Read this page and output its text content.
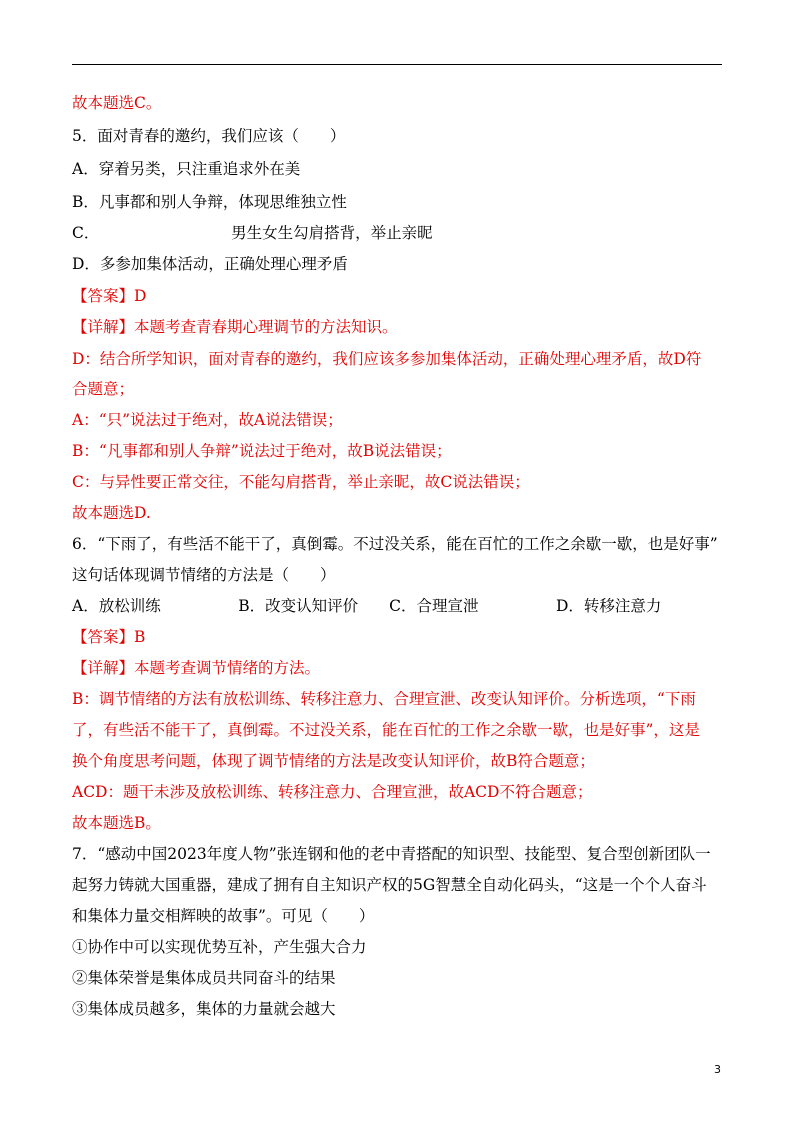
故本题选C。
5．面对青春的邀约，我们应该（　　）
A．穿着另类，只注重追求外在美
B．凡事都和别人争辩，体现思维独立性
C．　　　　　　　　　男生女生勾肩搭背，举止亲昵
D．多参加集体活动，正确处理心理矛盾
【答案】D
【详解】本题考查青春期心理调节的方法知识。
D：结合所学知识，面对青春的邀约，我们应该多参加集体活动，正确处理心理矛盾，故D符
合题意；
A：“只”说法过于绝对，故A说法错误；
B：“凡事都和别人争辩”说法过于绝对，故B说法错误；
C：与异性要正常交往，不能勾肩搭背，举止亲昵，故C说法错误；
故本题选D.
6．“下雨了，有些活不能干了，真倒霉。不过没关系，能在百忙的工作之余歇一歇，也是好事”
这句话体现调节情绪的方法是（　　）
A．放松训练　　　　　B．改变认知评价　　C．合理宣泄　　　　　D．转移注意力
【答案】B
【详解】本题考查调节情绪的方法。
B：调节情绪的方法有放松训练、转移注意力、合理宣泄、改变认知评价。分析选项，“下雨
了，有些活不能干了，真倒霉。不过没关系，能在百忙的工作之余歇一歇，也是好事”，这是
换个角度思考问题，体现了调节情绪的方法是改变认知评价，故B符合题意；
ACD：题干未涉及放松训练、转移注意力、合理宣泄，故ACD不符合题意；
故本题选B。
7．“感动中国2023年度人物”张连钢和他的老中青搭配的知识型、技能型、复合型创新团队一
起努力铸就大国重器，建成了拥有自主知识产权的5G智慧全自动化码头，“这是一个个人奋斗
和集体力量交相辉映的故事”。可见（　　）
①协作中可以实现优势互补，产生强大合力
②集体荣誉是集体成员共同奋斗的结果
③集体成员越多，集体的力量就会越大
3
